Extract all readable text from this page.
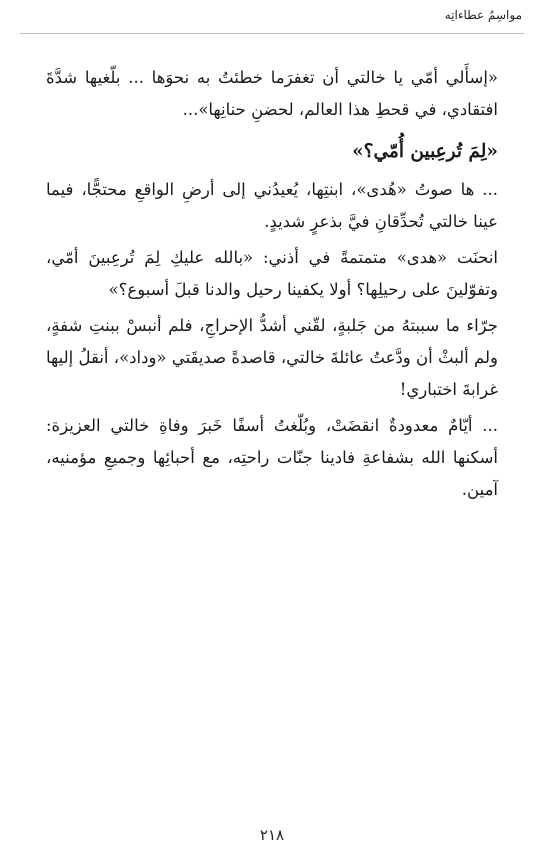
مواسِمُ عطاءاتِه

«إسأَلي أمّي يا خالتي أن تغفرَما خطئتُ به نحوَها ... بلّغيها شدَّةَ افتقادي، في قحطِ هذا العالم، لحضنِ حنانِها»...

«لِمَ تُرعِبين أُمّي؟»

... ها صوتُ «هُدى»، ابنتِها، يُعيدُني إلى أرضِ الواقعِ محتجًّا، فيما عينا خالتي تُحدِّقانِ فيَّ بذعرٍ شديدٍ.

انحنَت «هدى» متمتمةً في أذني: «بالله عليكِ لِمَ تُرعِبينَ أمّي، وتفوّلينَ على رحيلِها؟ أولا يكفينا رحيل والدنا قبلَ أسبوع؟»

جرّاء ما سببتهُ من جَلبةٍ، لقّني أشدُّ الإحراجِ، فلم أنبسْ ببنتِ شفةٍ، ولم ألبثْ أن ودَّعتُ عائلةَ خالتي، قاصدةً صديقَتي «وداد»، أنقلُ إليها غرابةَ اختباري!

... أيّامٌ معدودةٌ انقضَتْ، وبُلّغتُ أسفًا خَبرَ وفاةِ خالتي العزيزة: أسكنها الله بشفاعةِ فادينا جنّات راحتِه، مع أحبائِها وجميعِ مؤمنيه، آمين.

٢١٨
